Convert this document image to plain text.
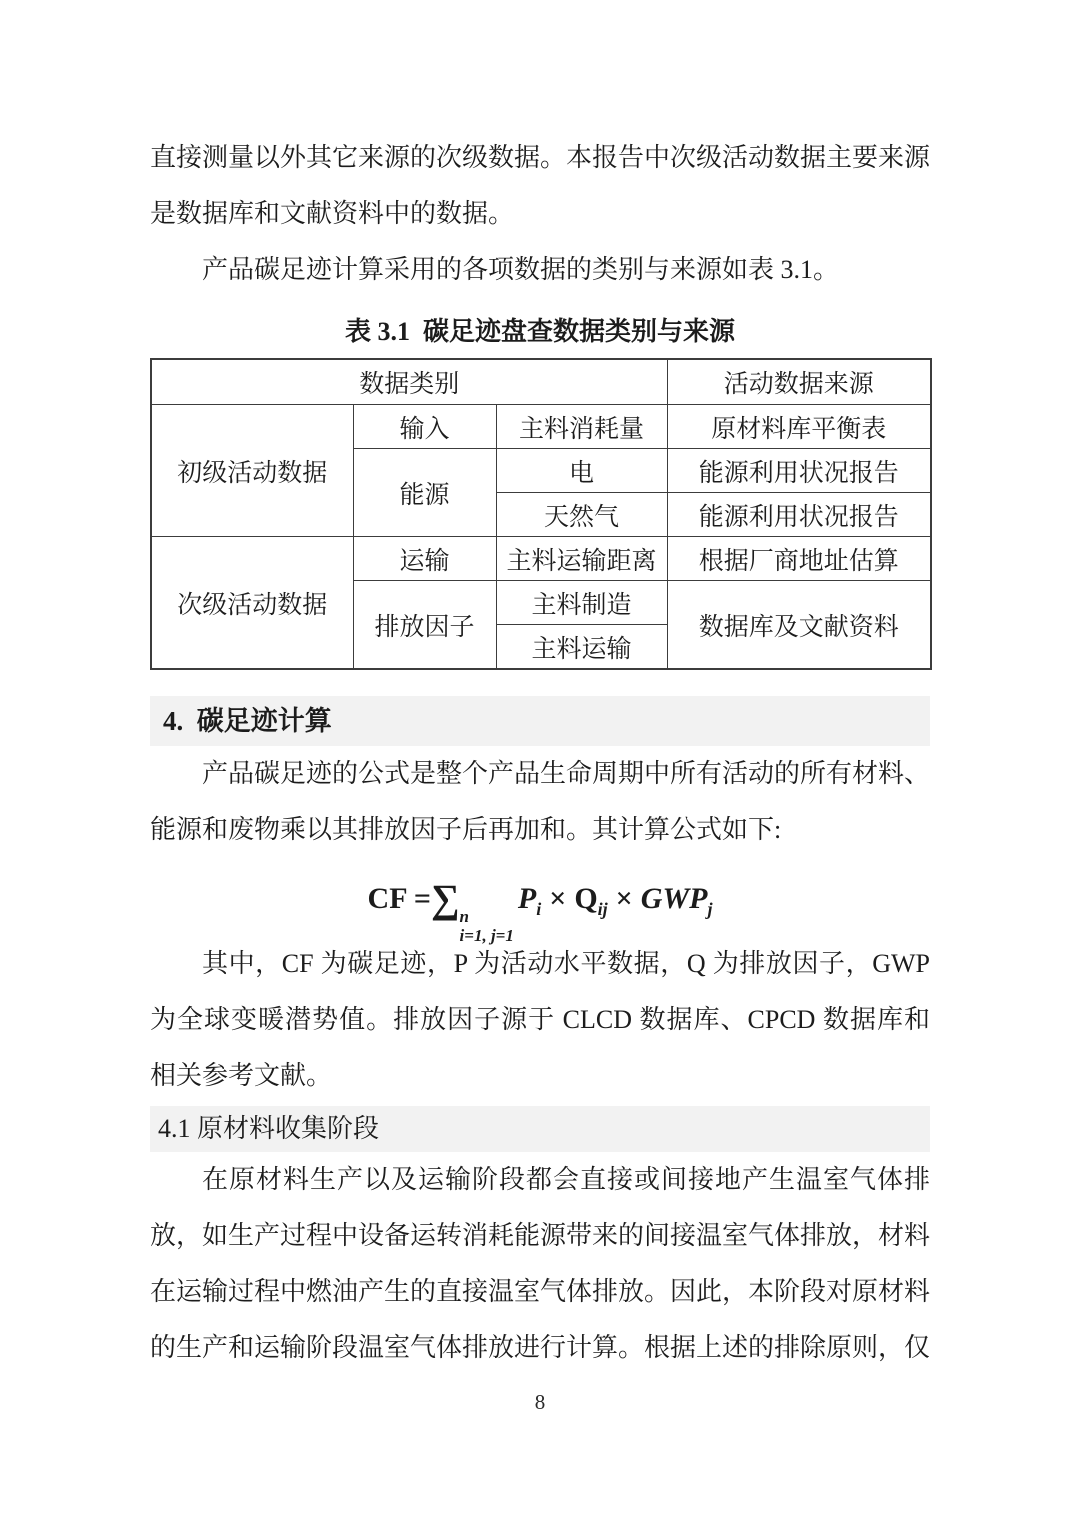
直接测量以外其它来源的次级数据。本报告中次级活动数据主要来源是数据库和文献资料中的数据。

产品碳足迹计算采用的各项数据的类别与来源如表 3.1。

表 3.1  碳足迹盘查数据类别与来源
数据类别			活动数据来源
初级活动数据	输入	主料消耗量	原材料库平衡表
	能源	电	能源利用状况报告
		天然气	能源利用状况报告
次级活动数据	运输	主料运输距离	根据厂商地址估算
	排放因子	主料制造	数据库及文献资料
		主料运输	
4.  碳足迹计算

产品碳足迹的公式是整个产品生命周期中所有活动的所有材料、能源和废物乘以其排放因子后再加和。其计算公式如下:

CF =∑ n
i=1, j=1
$P_i \times Q_{ij} \times GWP_j$

其中，CF 为碳足迹，P 为活动水平数据，Q 为排放因子，GWP 为全球变暖潜势值。排放因子源于 CLCD 数据库、CPCD 数据库和相关参考文献。

4.1 原材料收集阶段

在原材料生产以及运输阶段都会直接或间接地产生温室气体排放，如生产过程中设备运转消耗能源带来的间接温室气体排放，材料在运输过程中燃油产生的直接温室气体排放。因此，本阶段对原材料的生产和运输阶段温室气体排放进行计算。根据上述的排除原则，仅

8
